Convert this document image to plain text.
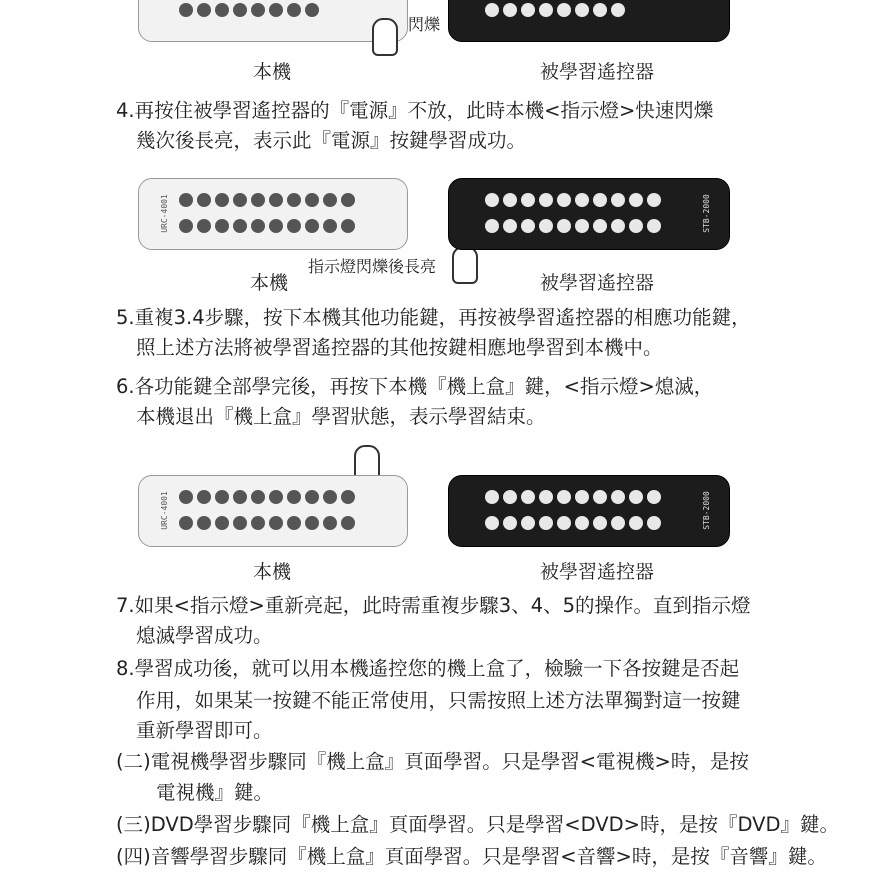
閃爍
本機	被學習遙控器
4.再按住被學習遙控器的『電源』不放，此時本機<指示燈>快速閃爍
幾次後長亮，表示此『電源』按鍵學習成功。
URC-4001
指示燈閃爍後長亮
STB-2000
本機	被學習遙控器
5.重複3.4步驟，按下本機其他功能鍵，再按被學習遙控器的相應功能鍵，
照上述方法將被學習遙控器的其他按鍵相應地學習到本機中。
6.各功能鍵全部學完後，再按下本機『機上盒』鍵，<指示燈>熄滅，
本機退出『機上盒』學習狀態，表示學習結束。
URC-4001	STB-2000
本機	被學習遙控器
7.如果<指示燈>重新亮起，此時需重複步驟3、4、5的操作。直到指示燈
熄滅學習成功。
8.學習成功後，就可以用本機遙控您的機上盒了，檢驗一下各按鍵是否起
作用，如果某一按鍵不能正常使用，只需按照上述方法單獨對這一按鍵
重新學習即可。
(二)電視機學習步驟同『機上盒』頁面學習。只是學習<電視機>時，是按
電視機』鍵。
(三)DVD學習步驟同『機上盒』頁面學習。只是學習<DVD>時，是按『DVD』鍵。
(四)音響學習步驟同『機上盒』頁面學習。只是學習<音響>時，是按『音響』鍵。
